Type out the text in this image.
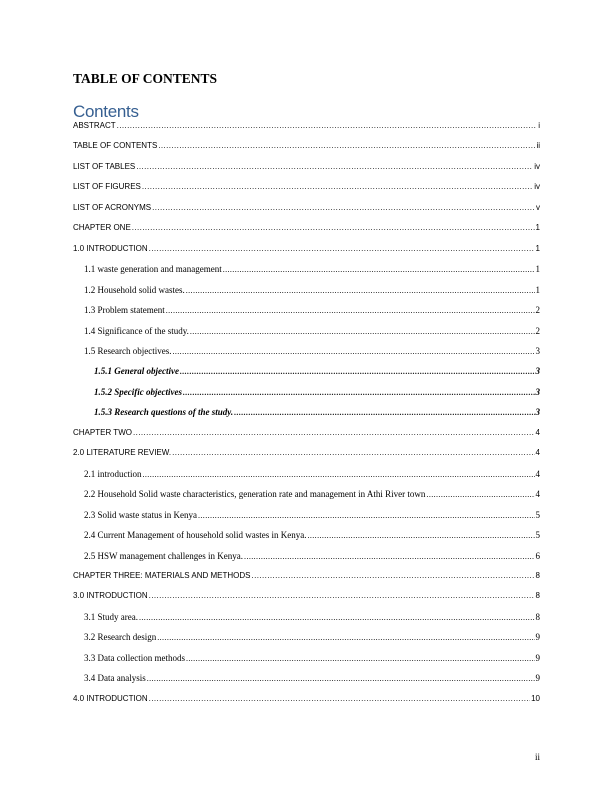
TABLE OF CONTENTS
Contents
ABSTRACT .....	i
TABLE OF CONTENTS .....	ii
LIST OF TABLES .....	iv
LIST OF FIGURES .....	iv
LIST OF ACRONYMS .....	v
CHAPTER ONE .....	1
1.0 INTRODUCTION .....	1
1.1 waste generation and management .....	1
1.2 Household solid wastes. .....	1
1.3 Problem statement .....	2
1.4 Significance of the study. .....	2
1.5 Research objectives. .....	3
1.5.1 General objective .....	3
1.5.2 Specific objectives .....	3
1.5.3 Research questions of the study. .....	3
CHAPTER TWO .....	4
2.0 LITERATURE REVIEW. .....	4
2.1 introduction .....	4
2.2 Household Solid waste characteristics, generation rate and management in Athi River town .....	4
2.3 Solid waste status in Kenya .....	5
2.4 Current Management of household solid wastes in Kenya. .....	5
2.5 HSW management challenges in Kenya. .....	6
CHAPTER THREE: MATERIALS AND METHODS .....	8
3.0 INTRODUCTION .....	8
3.1 Study area. .....	8
3.2 Research design .....	9
3.3 Data collection methods .....	9
3.4 Data analysis .....	9
4.0 INTRODUCTION .....	10
ii
